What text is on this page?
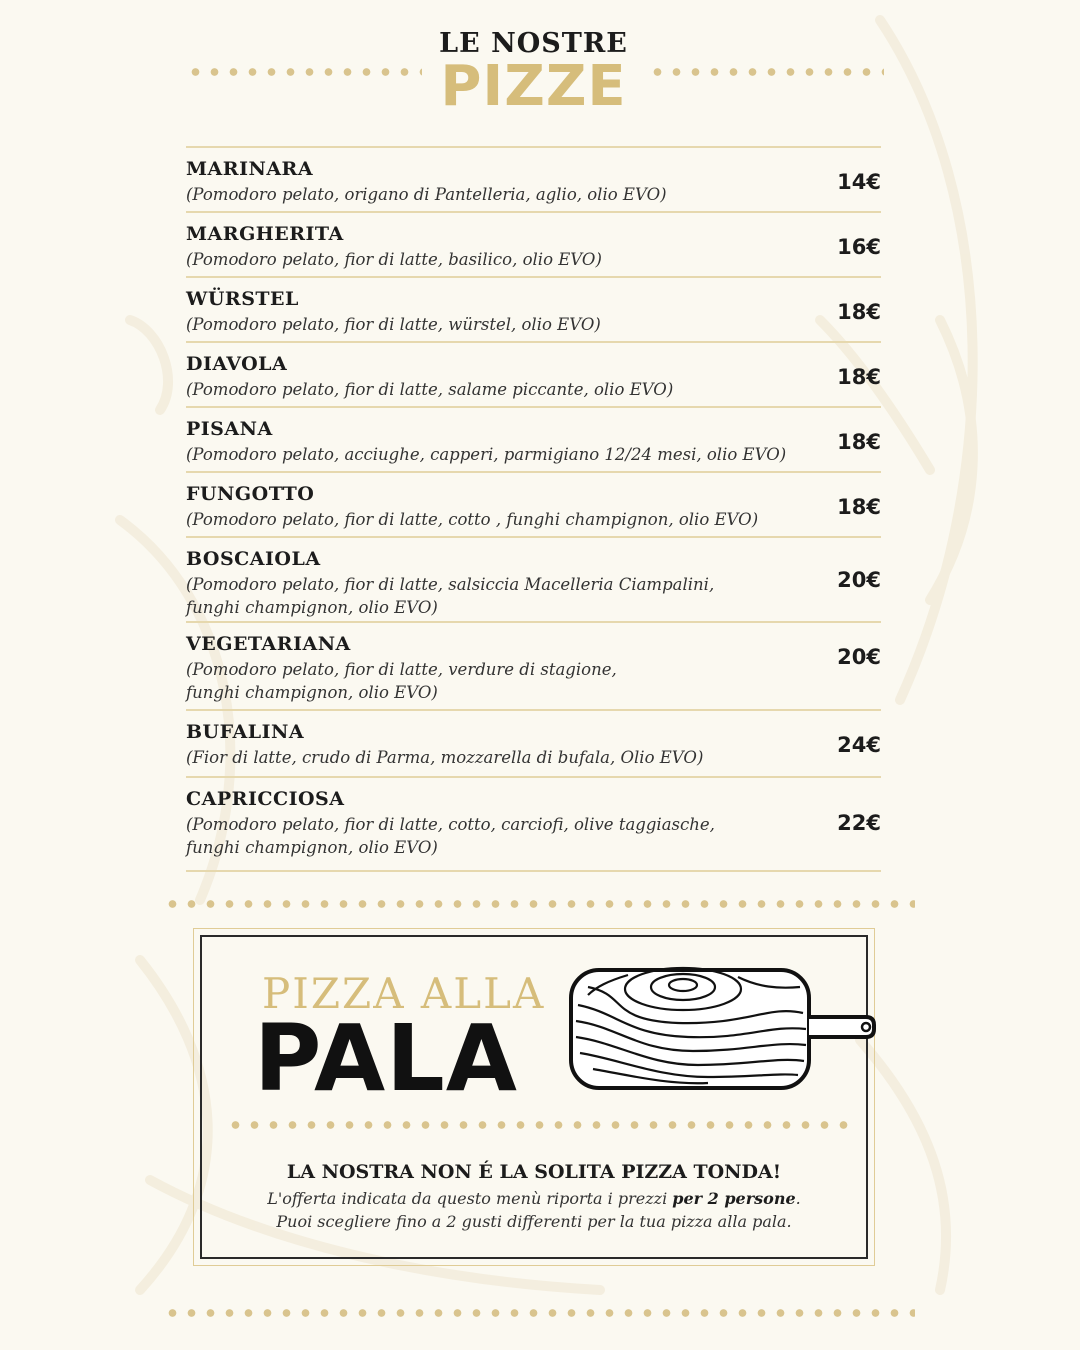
LE NOSTRE
PIZZE
MARINARA
(Pomodoro pelato, origano di Pantelleria, aglio, olio EVO)
14€
MARGHERITA
(Pomodoro pelato, fior di latte, basilico, olio EVO)
16€
WÜRSTEL
(Pomodoro pelato, fior di latte, würstel, olio EVO)
18€
DIAVOLA
(Pomodoro pelato, fior di latte, salame piccante, olio EVO)
18€
PISANA
(Pomodoro pelato, acciughe, capperi, parmigiano 12/24 mesi, olio EVO)
18€
FUNGOTTO
(Pomodoro pelato, fior di latte, cotto , funghi champignon, olio EVO)
18€
BOSCAIOLA
(Pomodoro pelato, fior di latte, salsiccia Macelleria Ciampalini,
funghi champignon, olio EVO)
20€
VEGETARIANA
(Pomodoro pelato, fior di latte, verdure di stagione,
funghi champignon, olio EVO)
20€
BUFALINA
(Fior di latte, crudo di Parma, mozzarella di bufala, Olio EVO)
24€
CAPRICCIOSA
(Pomodoro pelato, fior di latte, cotto, carciofi, olive taggiasche,
funghi champignon, olio EVO)
22€
PIZZA ALLA
PALA
LA NOSTRA NON É LA SOLITA PIZZA TONDA!
L'offerta indicata da questo menù riporta i prezzi per 2 persone.
Puoi scegliere fino a 2 gusti differenti per la tua pizza alla pala.
